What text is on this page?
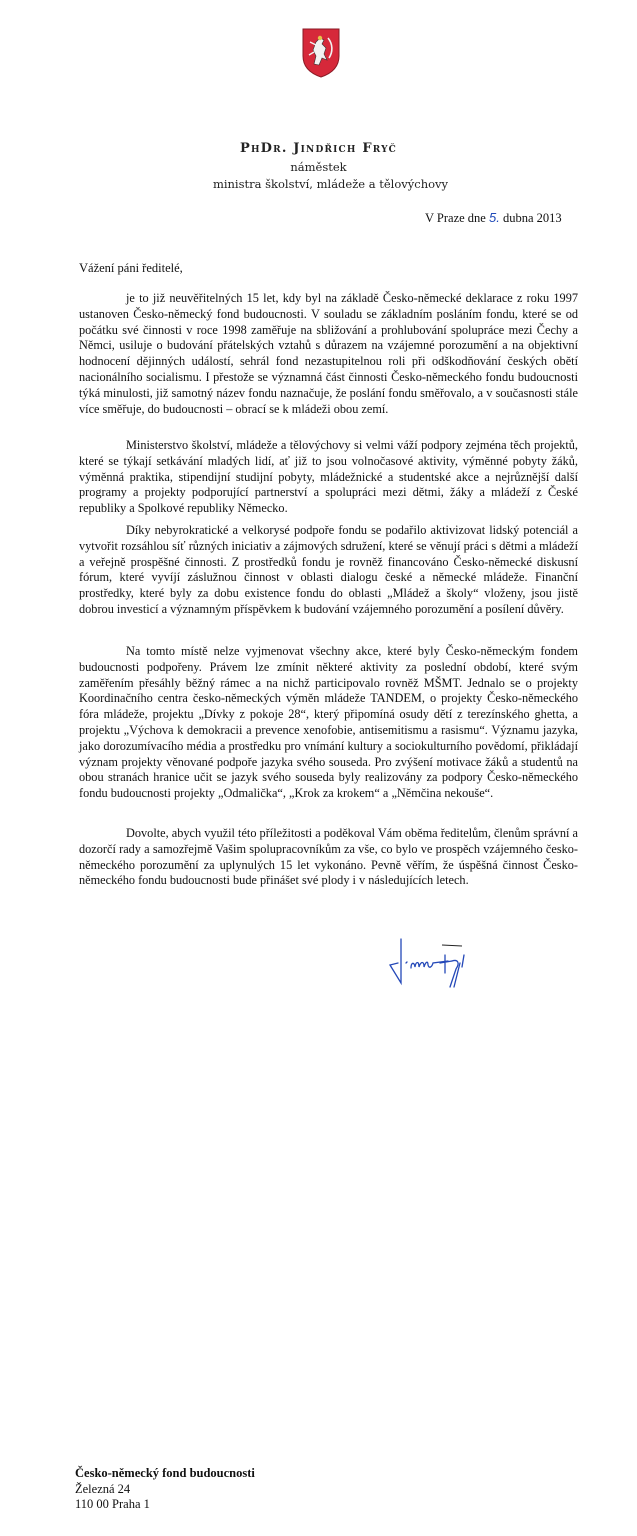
PhDr. Jindřich Fryč
náměstek
ministra školství, mládeže a tělovýchovy
V Praze dne 5. dubna 2013
Vážení páni ředitelé,

je to již neuvěřitelných 15 let, kdy byl na základě Česko-německé deklarace z roku 1997 ustanoven Česko-německý fond budoucnosti. V souladu se základním posláním fondu, které se od počátku své činnosti v roce 1998 zaměřuje na sbližování a prohlubování spolupráce mezi Čechy a Němci, usiluje o budování přátelských vztahů s důrazem na vzájemné porozumění a na objektivní hodnocení dějinných událostí, sehrál fond nezastupitelnou roli při odškodňování českých obětí nacionálního socialismu. I přestože se významná část činnosti Česko-německého fondu budoucnosti týká minulosti, již samotný název fondu naznačuje, že poslání fondu směřovalo, a v současnosti stále více směřuje, do budoucnosti – obrací se k mládeži obou zemí.

Ministerstvo školství, mládeže a tělovýchovy si velmi váží podpory zejména těch projektů, které se týkají setkávání mladých lidí, ať již to jsou volnočasové aktivity, výměnné pobyty žáků, výměnná praktika, stipendijní studijní pobyty, mládežnické a studentské akce a nejrůznější další programy a projekty podporující partnerství a spolupráci mezi dětmi, žáky a mládeží z České republiky a Spolkové republiky Německo.

Díky nebyrokratické a velkorysé podpoře fondu se podařilo aktivizovat lidský potenciál a vytvořit rozsáhlou síť různých iniciativ a zájmových sdružení, které se věnují práci s dětmi a mládeží a veřejně prospěšné činnosti. Z prostředků fondu je rovněž financováno Česko-německé diskusní fórum, které vyvíjí záslužnou činnost v oblasti dialogu české a německé mládeže. Finanční prostředky, které byly za dobu existence fondu do oblasti „Mládež a školy“ vloženy, jsou jistě dobrou investicí a významným příspěvkem k budování vzájemného porozumění a posílení důvěry.

Na tomto místě nelze vyjmenovat všechny akce, které byly Česko-německým fondem budoucnosti podpořeny. Právem lze zmínit některé aktivity za poslední období, které svým zaměřením přesáhly běžný rámec a na nichž participovalo rovněž MŠMT. Jednalo se o projekty Koordinačního centra česko-německých výměn mládeže TANDEM, o projekty Česko-německého fóra mládeže, projektu „Dívky z pokoje 28“, který připomíná osudy dětí z terezínského ghetta, a projektu „Výchova k demokracii a prevence xenofobie, antisemitismu a rasismu“. Významu jazyka, jako dorozumívacího média a prostředku pro vnímání kultury a sociokulturního povědomí, přikládají význam projekty věnované podpoře jazyka svého souseda. Pro zvýšení motivace žáků a studentů na obou stranách hranice učit se jazyk svého souseda byly realizovány za podpory Česko-německého fondu budoucnosti projekty „Odmalička“, „Krok za krokem“ a „Němčina nekouše“.

Dovolte, abych využil této příležitosti a poděkoval Vám oběma ředitelům, členům správní a dozorčí rady a samozřejmě Vašim spolupracovníkům za vše, co bylo ve prospěch vzájemného česko-německého porozumění za uplynulých 15 let vykonáno. Pevně věřím, že úspěšná činnost Česko-německého fondu budoucnosti bude přinášet své plody i v následujících letech.

Česko-německý fond budoucnosti
Železná 24
110 00 Praha 1
